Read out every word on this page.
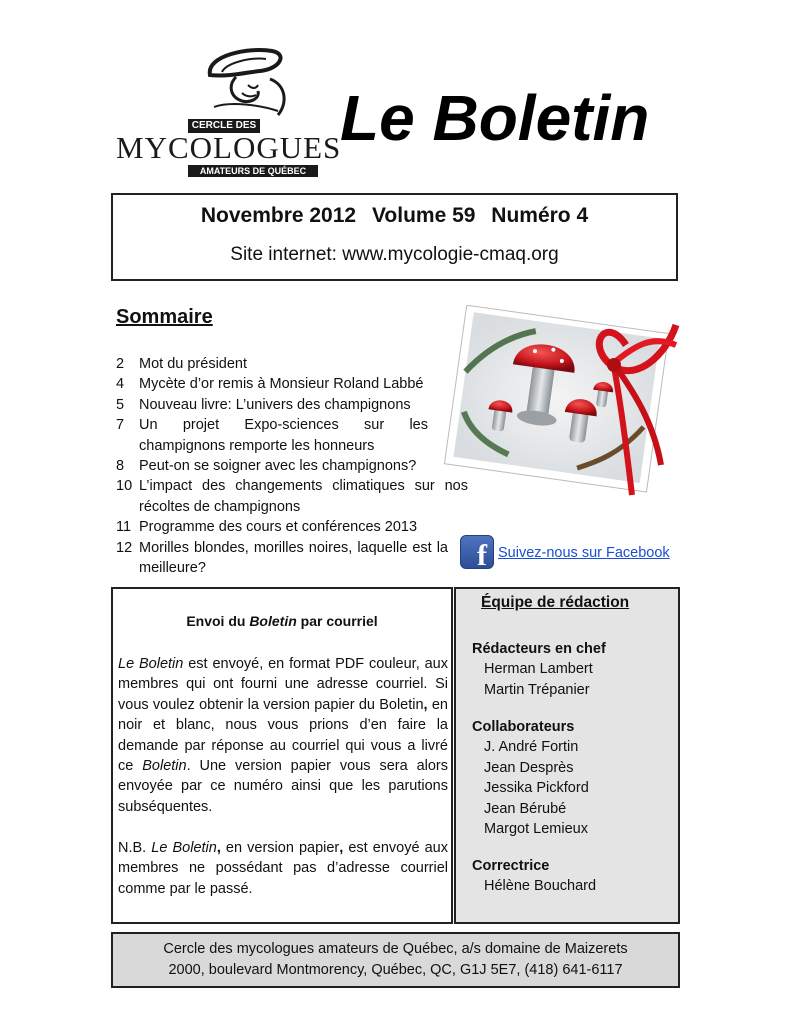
CERCLE DES
MYCOLOGUES
AMATEURS DE QUÉBEC
Le Boletin
Novembre 2012 Volume 59 Numéro 4
Site internet: www.mycologie-cmaq.org
Sommaire
2	Mot du président
4	Mycète d’or remis à Monsieur Roland Labbé
5	Nouveau livre: L’univers des champignons
7	Un projet Expo-sciences sur les champignons remporte les honneurs
8	Peut-on se soigner avec les champignons?
10 L’impact des changements climatiques sur nos récoltes de champignons
11 Programme des cours et conférences 2013
12 Morilles blondes, morilles noires, laquelle est la meilleure?	f Suivez-nous sur Facebook
Envoi du Boletin par courriel

Le Boletin est envoyé, en format PDF couleur, aux membres qui ont fourni une adresse courriel. Si vous voulez obtenir la version papier du Boletin, en noir et blanc, nous vous prions d’en faire la demande par réponse au courriel qui vous a livré ce Boletin. Une version papier vous sera alors envoyée par ce numéro ainsi que les parutions subséquentes.

N.B. Le Boletin, en version papier, est envoyé aux membres ne possédant pas d’adresse courriel comme par le passé.

Équipe de rédaction
Rédacteurs en chef
Herman Lambert
Martin Trépanier
Collaborateurs
J. André Fortin
Jean Desprès
Jessika Pickford
Jean Bérubé
Margot Lemieux
Correctrice
Hélène Bouchard
Cercle des mycologues amateurs de Québec, a/s domaine de Maizerets
2000, boulevard Montmorency, Québec, QC, G1J 5E7, (418) 641-6117
